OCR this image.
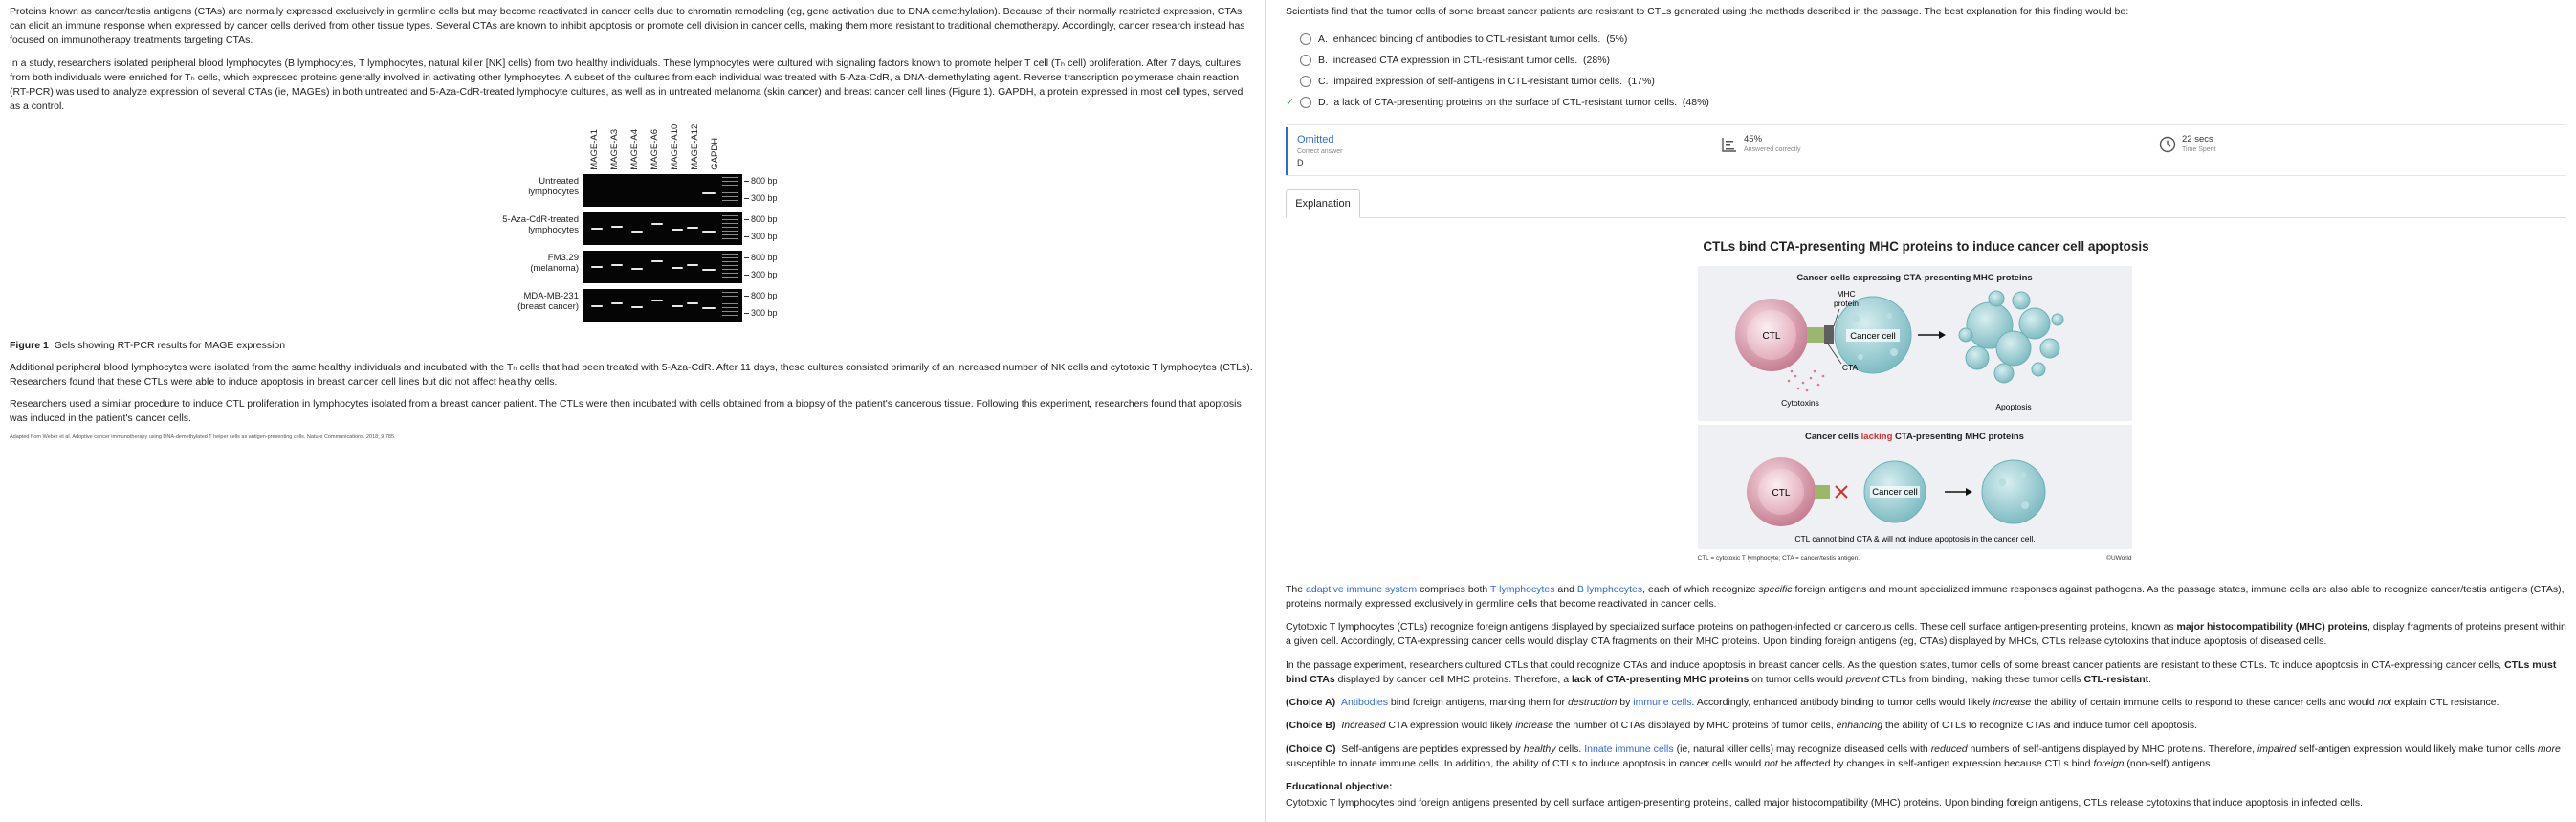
Proteins known as cancer/testis antigens (CTAs) are normally expressed exclusively in germline cells but may become reactivated in cancer cells due to chromatin remodeling (eg, gene activation due to DNA demethylation). Because of their normally restricted expression, CTAs can elicit an immune response when expressed by cancer cells derived from other tissue types. Several CTAs are known to inhibit apoptosis or promote cell division in cancer cells, making them more resistant to traditional chemotherapy. Accordingly, cancer research instead has focused on immunotherapy treatments targeting CTAs.

In a study, researchers isolated peripheral blood lymphocytes (B lymphocytes, T lymphocytes, natural killer [NK] cells) from two healthy individuals. These lymphocytes were cultured with signaling factors known to promote helper T cell (Tₕ cell) proliferation. After 7 days, cultures from both individuals were enriched for Tₕ cells, which expressed proteins generally involved in activating other lymphocytes. A subset of the cultures from each individual was treated with 5-Aza-CdR, a DNA-demethylating agent. Reverse transcription polymerase chain reaction (RT-PCR) was used to analyze expression of several CTAs (ie, MAGEs) in both untreated and 5-Aza-CdR-treated lymphocyte cultures, as well as in untreated melanoma (skin cancer) and breast cancer cell lines (Figure 1). GAPDH, a protein expressed in most cell types, served as a control.

MAGE-A1 MAGE-A3 MAGE-A4 MAGE-A6 MAGE-A10 MAGE-A12 GAPDH
Untreated
lymphocytes
800 bp
300 bp
5-Aza-CdR-treated
lymphocytes
800 bp
300 bp
FM3.29
(melanoma)
800 bp
300 bp
MDA-MB-231
(breast cancer)
800 bp
300 bp
Figure 1 Gels showing RT-PCR results for MAGE expression

Additional peripheral blood lymphocytes were isolated from the same healthy individuals and incubated with the Tₕ cells that had been treated with 5-Aza-CdR. After 11 days, these cultures consisted primarily of an increased number of NK cells and cytotoxic T lymphocytes (CTLs). Researchers found that these CTLs were able to induce apoptosis in breast cancer cell lines but did not affect healthy cells.

Researchers used a similar procedure to induce CTL proliferation in lymphocytes isolated from a breast cancer patient. The CTLs were then incubated with cells obtained from a biopsy of the patient's cancerous tissue. Following this experiment, researchers found that apoptosis was induced in the patient's cancer cells.

Adapted from Weber et al. Adoptive cancer immunotherapy using DNA-demethylated T helper cells as antigen-presenting cells. Nature Communications. 2018; 9:785.
Scientists find that the tumor cells of some breast cancer patients are resistant to CTLs generated using the methods described in the passage. The best explanation for this finding would be:
A. enhanced binding of antibodies to CTL-resistant tumor cells. (5%)
B. increased CTA expression in CTL-resistant tumor cells. (28%)
C. impaired expression of self-antigens in CTL-resistant tumor cells. (17%)
✓ D. a lack of CTA-presenting proteins on the surface of CTL-resistant tumor cells. (48%)
Omitted
Correct answer
D
45%
Answered correctly
22 secs
Time Spent
Explanation
CTLs bind CTA-presenting MHC proteins to induce cancer cell apoptosis
Cancer cells expressing CTA-presenting MHC proteins
CTL	Cancer cell
MHC
protein
CTA
Cytotoxins	Apoptosis
Cancer cells lacking CTA-presenting MHC proteins
CTL	Cancer cell
CTL cannot bind CTA & will not induce apoptosis in the cancer cell.
CTL = cytotoxic T lymphocyte; CTA = cancer/testis antigen.	©UWorld

The adaptive immune system comprises both T lymphocytes and B lymphocytes, each of which recognize specific foreign antigens and mount specialized immune responses against pathogens. As the passage states, immune cells are also able to recognize cancer/testis antigens (CTAs), proteins normally expressed exclusively in germline cells that become reactivated in cancer cells.

Cytotoxic T lymphocytes (CTLs) recognize foreign antigens displayed by specialized surface proteins on pathogen-infected or cancerous cells. These cell surface antigen-presenting proteins, known as major histocompatibility (MHC) proteins, display fragments of proteins present within a given cell. Accordingly, CTA-expressing cancer cells would display CTA fragments on their MHC proteins. Upon binding foreign antigens (eg, CTAs) displayed by MHCs, CTLs release cytotoxins that induce apoptosis of diseased cells.

In the passage experiment, researchers cultured CTLs that could recognize CTAs and induce apoptosis in breast cancer cells. As the question states, tumor cells of some breast cancer patients are resistant to these CTLs. To induce apoptosis in CTA-expressing cancer cells, CTLs must bind CTAs displayed by cancer cell MHC proteins. Therefore, a lack of CTA-presenting MHC proteins on tumor cells would prevent CTLs from binding, making these tumor cells CTL-resistant.

(Choice A) Antibodies bind foreign antigens, marking them for destruction by immune cells. Accordingly, enhanced antibody binding to tumor cells would likely increase the ability of certain immune cells to respond to these cancer cells and would not explain CTL resistance.

(Choice B) Increased CTA expression would likely increase the number of CTAs displayed by MHC proteins of tumor cells, enhancing the ability of CTLs to recognize CTAs and induce tumor cell apoptosis.

(Choice C) Self-antigens are peptides expressed by healthy cells. Innate immune cells (ie, natural killer cells) may recognize diseased cells with reduced numbers of self-antigens displayed by MHC proteins. Therefore, impaired self-antigen expression would likely make tumor cells more susceptible to innate immune cells. In addition, the ability of CTLs to induce apoptosis in cancer cells would not be affected by changes in self-antigen expression because CTLs bind foreign (non-self) antigens.

Educational objective:
Cytotoxic T lymphocytes bind foreign antigens presented by cell surface antigen-presenting proteins, called major histocompatibility (MHC) proteins. Upon binding foreign antigens, CTLs release cytotoxins that induce apoptosis in infected cells.
